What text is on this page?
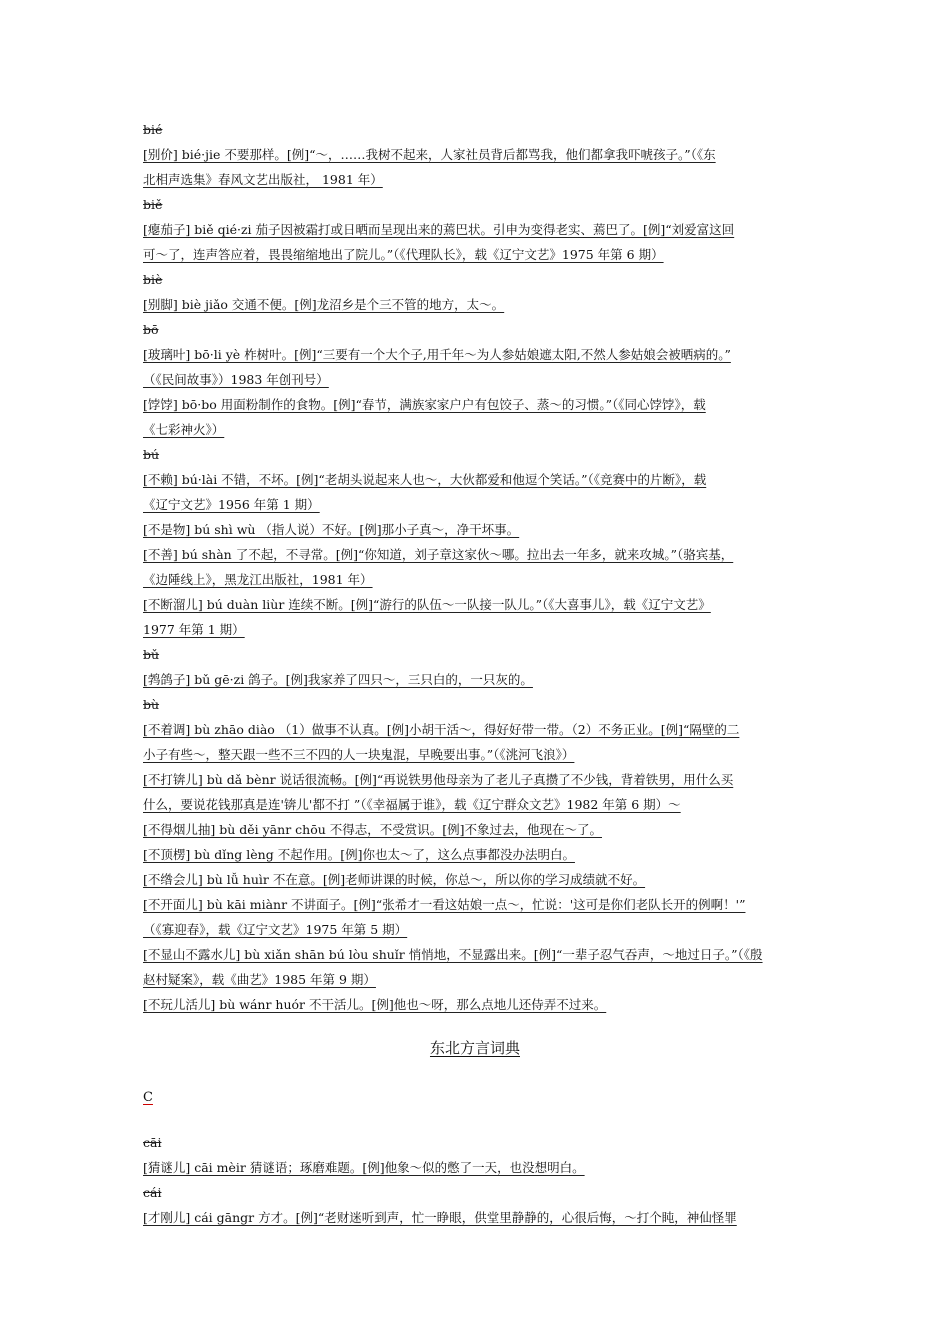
bié
[别价] bié·jie 不要那样。[例]“～，……我树不起来，人家社员背后都骂我，他们都拿我吓唬孩子。”（《东
北相声选集》春风文艺出版社， 1981 年）
biě
[瘪茄子] biě qié·zi 茄子因被霜打或日晒而呈现出来的蔫巴状。引申为变得老实、蔫巴了。[例]“刘爱富这回
可～了，连声答应着，畏畏缩缩地出了院儿。”（《代理队长》，载《辽宁文艺》1975 年第 6 期）
biè
[别脚] biè jiǎo 交通不便。[例]龙沼乡是个三不管的地方，太～。
bō
[玻璃叶] bō·li yè 柞树叶。[例]“三要有一个大个子,用千年～为人参姑娘遮太阳,不然人参姑娘会被晒病的。”
（《民间故事》）1983 年创刊号）
[饽饽] bō·bo 用面粉制作的食物。[例]“春节，满族家家户户有包饺子、蒸～的习惯。”（《同心饽饽》，载
《七彩神火》）
bú
[不赖] bú·lài 不错，不坏。[例]“老胡头说起来人也～，大伙都爱和他逗个笑话。”（《竞赛中的片断》，载
《辽宁文艺》1956 年第 1 期）
[不是物] bú shì wù （指人说）不好。[例]那小子真～，净干坏事。
[不善] bú shàn 了不起，不寻常。[例]“你知道，刘子章这家伙～哪。拉出去一年多，就来攻城。”（骆宾基，
《边陲线上》，黑龙江出版社，1981 年）
[不断溜儿] bú duàn liùr 连续不断。[例]“游行的队伍～一队接一队儿。”（《大喜事儿》，载《辽宁文艺》
1977 年第 1 期）
bǔ
[鹁鸽子] bǔ gē·zi 鸽子。[例]我家养了四只～，三只白的，一只灰的。
bù
[不着调] bù zhāo diào （1）做事不认真。[例]小胡干活～，得好好带一带。（2）不务正业。[例]“隔壁的二
小子有些～，整天跟一些不三不四的人一块鬼混，早晚要出事。”（《洮河飞浪》）
[不打锛儿] bù dǎ bènr 说话很流畅。[例]“再说铁男他母亲为了老儿子真攒了不少钱，背着铁男，用什么买
什么，要说花钱那真是连'锛儿'都不打 ”（《幸福属于谁》，载《辽宁群众文艺》1982 年第 6 期）～
[不得烟儿抽] bù děi yānr chōu 不得志，不受赏识。[例]不象过去，他现在～了。
[不顶楞] bù dǐng lèng 不起作用。[例]你也太～了，这么点事都没办法明白。
[不绺会儿] bù lǚ huìr 不在意。[例]老师讲课的时候，你总～，所以你的学习成绩就不好。
[不开面儿] bù kāi miànr 不讲面子。[例]“张希才一看这姑娘一点～，忙说：'这可是你们老队长开的例啊！'”
（《寡迎春》，载《辽宁文艺》1975 年第 5 期）
[不显山不露水儿] bù xiǎn shān bú lòu shuǐr 悄悄地，不显露出来。[例]“一辈子忍气吞声，～地过日子。”（《殷
赵村疑案》，载《曲艺》1985 年第 9 期）
[不玩儿活儿] bù wánr huór 不干活儿。[例]他也～呀，那么点地儿还侍弄不过来。
东北方言词典
C
cāi
[猜谜儿] cāi mèir 猜谜语；琢磨难题。[例]他象～似的憋了一天，也没想明白。
cái
[才刚儿] cái gāngr 方才。[例]“老财迷听到声，忙一睁眼，供堂里静静的，心很后悔，～打个盹，神仙怪罪
